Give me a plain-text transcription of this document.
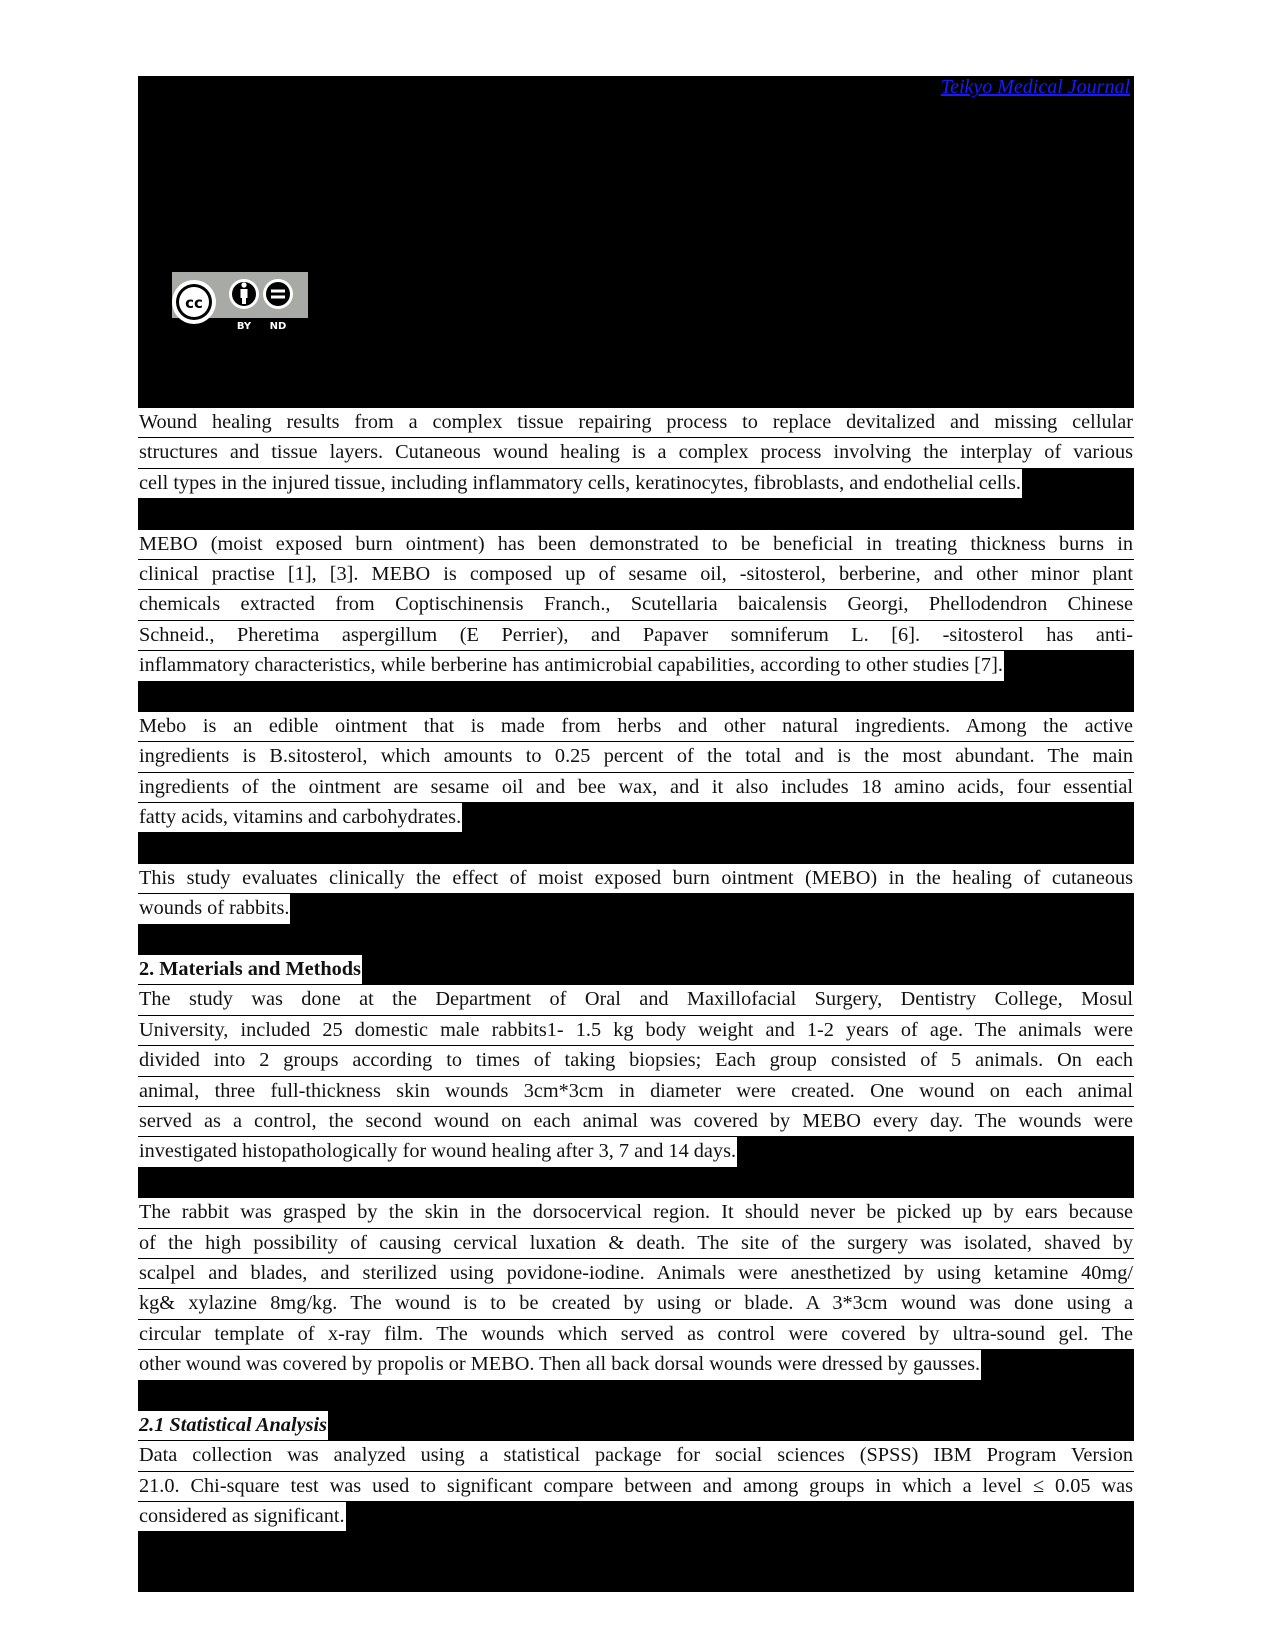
Teikyo Medical Journal
cc
BY ND
Wound healing results from a complex tissue repairing process to replace devitalized and missing cellular
structures and tissue layers. Cutaneous wound healing is a complex process involving the interplay of various
cell types in the injured tissue, including inflammatory cells, keratinocytes, fibroblasts, and endothelial cells.
MEBO (moist exposed burn ointment) has been demonstrated to be beneficial in treating thickness burns in
clinical practise [1], [3]. MEBO is composed up of sesame oil, -sitosterol, berberine, and other minor plant
chemicals extracted from Coptischinensis Franch., Scutellaria baicalensis Georgi, Phellodendron Chinese
Schneid., Pheretima aspergillum (E Perrier), and Papaver somniferum L. [6]. -sitosterol has anti-
inflammatory characteristics, while berberine has antimicrobial capabilities, according to other studies [7].
Mebo is an edible ointment that is made from herbs and other natural ingredients. Among the active
ingredients is B.sitosterol, which amounts to 0.25 percent of the total and is the most abundant. The main
ingredients of the ointment are sesame oil and bee wax, and it also includes 18 amino acids, four essential
fatty acids, vitamins and carbohydrates.
This study evaluates clinically the effect of moist exposed burn ointment (MEBO) in the healing of cutaneous
wounds of rabbits.
2. Materials and Methods
The study was done at the Department of Oral and Maxillofacial Surgery, Dentistry College, Mosul
University, included 25 domestic male rabbits1- 1.5 kg body weight and 1-2 years of age. The animals were
divided into 2 groups according to times of taking biopsies; Each group consisted of 5 animals. On each
animal, three full-thickness skin wounds 3cm*3cm in diameter were created. One wound on each animal
served as a control, the second wound on each animal was covered by MEBO every day. The wounds were
investigated histopathologically for wound healing after 3, 7 and 14 days.
The rabbit was grasped by the skin in the dorsocervical region. It should never be picked up by ears because
of the high possibility of causing cervical luxation & death. The site of the surgery was isolated, shaved by
scalpel and blades, and sterilized using povidone-iodine. Animals were anesthetized by using ketamine 40mg/
kg& xylazine 8mg/kg. The wound is to be created by using or blade. A 3*3cm wound was done using a
circular template of x-ray film. The wounds which served as control were covered by ultra-sound gel. The
other wound was covered by propolis or MEBO. Then all back dorsal wounds were dressed by gausses.
2.1 Statistical Analysis
Data collection was analyzed using a statistical package for social sciences (SPSS) IBM Program Version
21.0. Chi-square test was used to significant compare between and among groups in which a level ≤ 0.05 was
considered as significant.
